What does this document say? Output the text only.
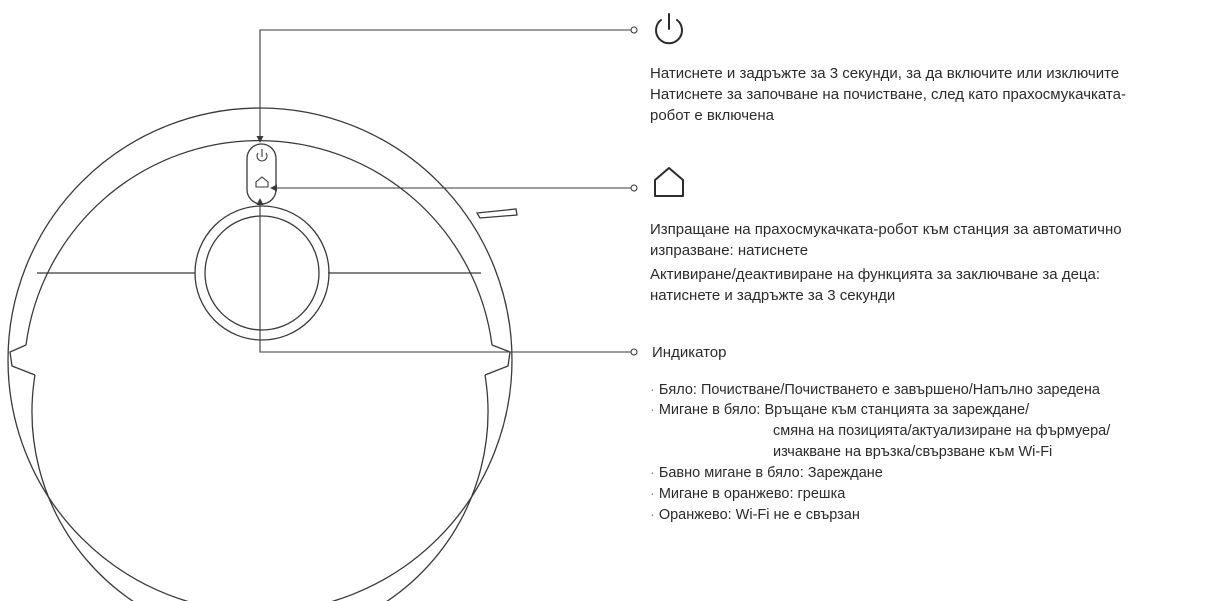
Натиснете и задръжте за 3 секунди, за да включите или изключите
Натиснете за започване на почистване, след като прахосмукачката-
робот е включена
Изпращане на прахосмукачката-робот към станция за автоматично
изпразване: натиснете
Активиране/деактивиране на функцията за заключване за деца:
натиснете и задръжте за 3 секунди
Индикатор
· Бяло: Почистване/Почистването е завършено/Напълно заредена
· Мигане в бяло: Връщане към станцията за зареждане/
смяна на позицията/актуализиране на фърмуера/
изчакване на връзка/свързване към Wi-Fi
· Бавно мигане в бяло: Зареждане
· Мигане в оранжево: грешка
· Оранжево: Wi-Fi не е свързан
